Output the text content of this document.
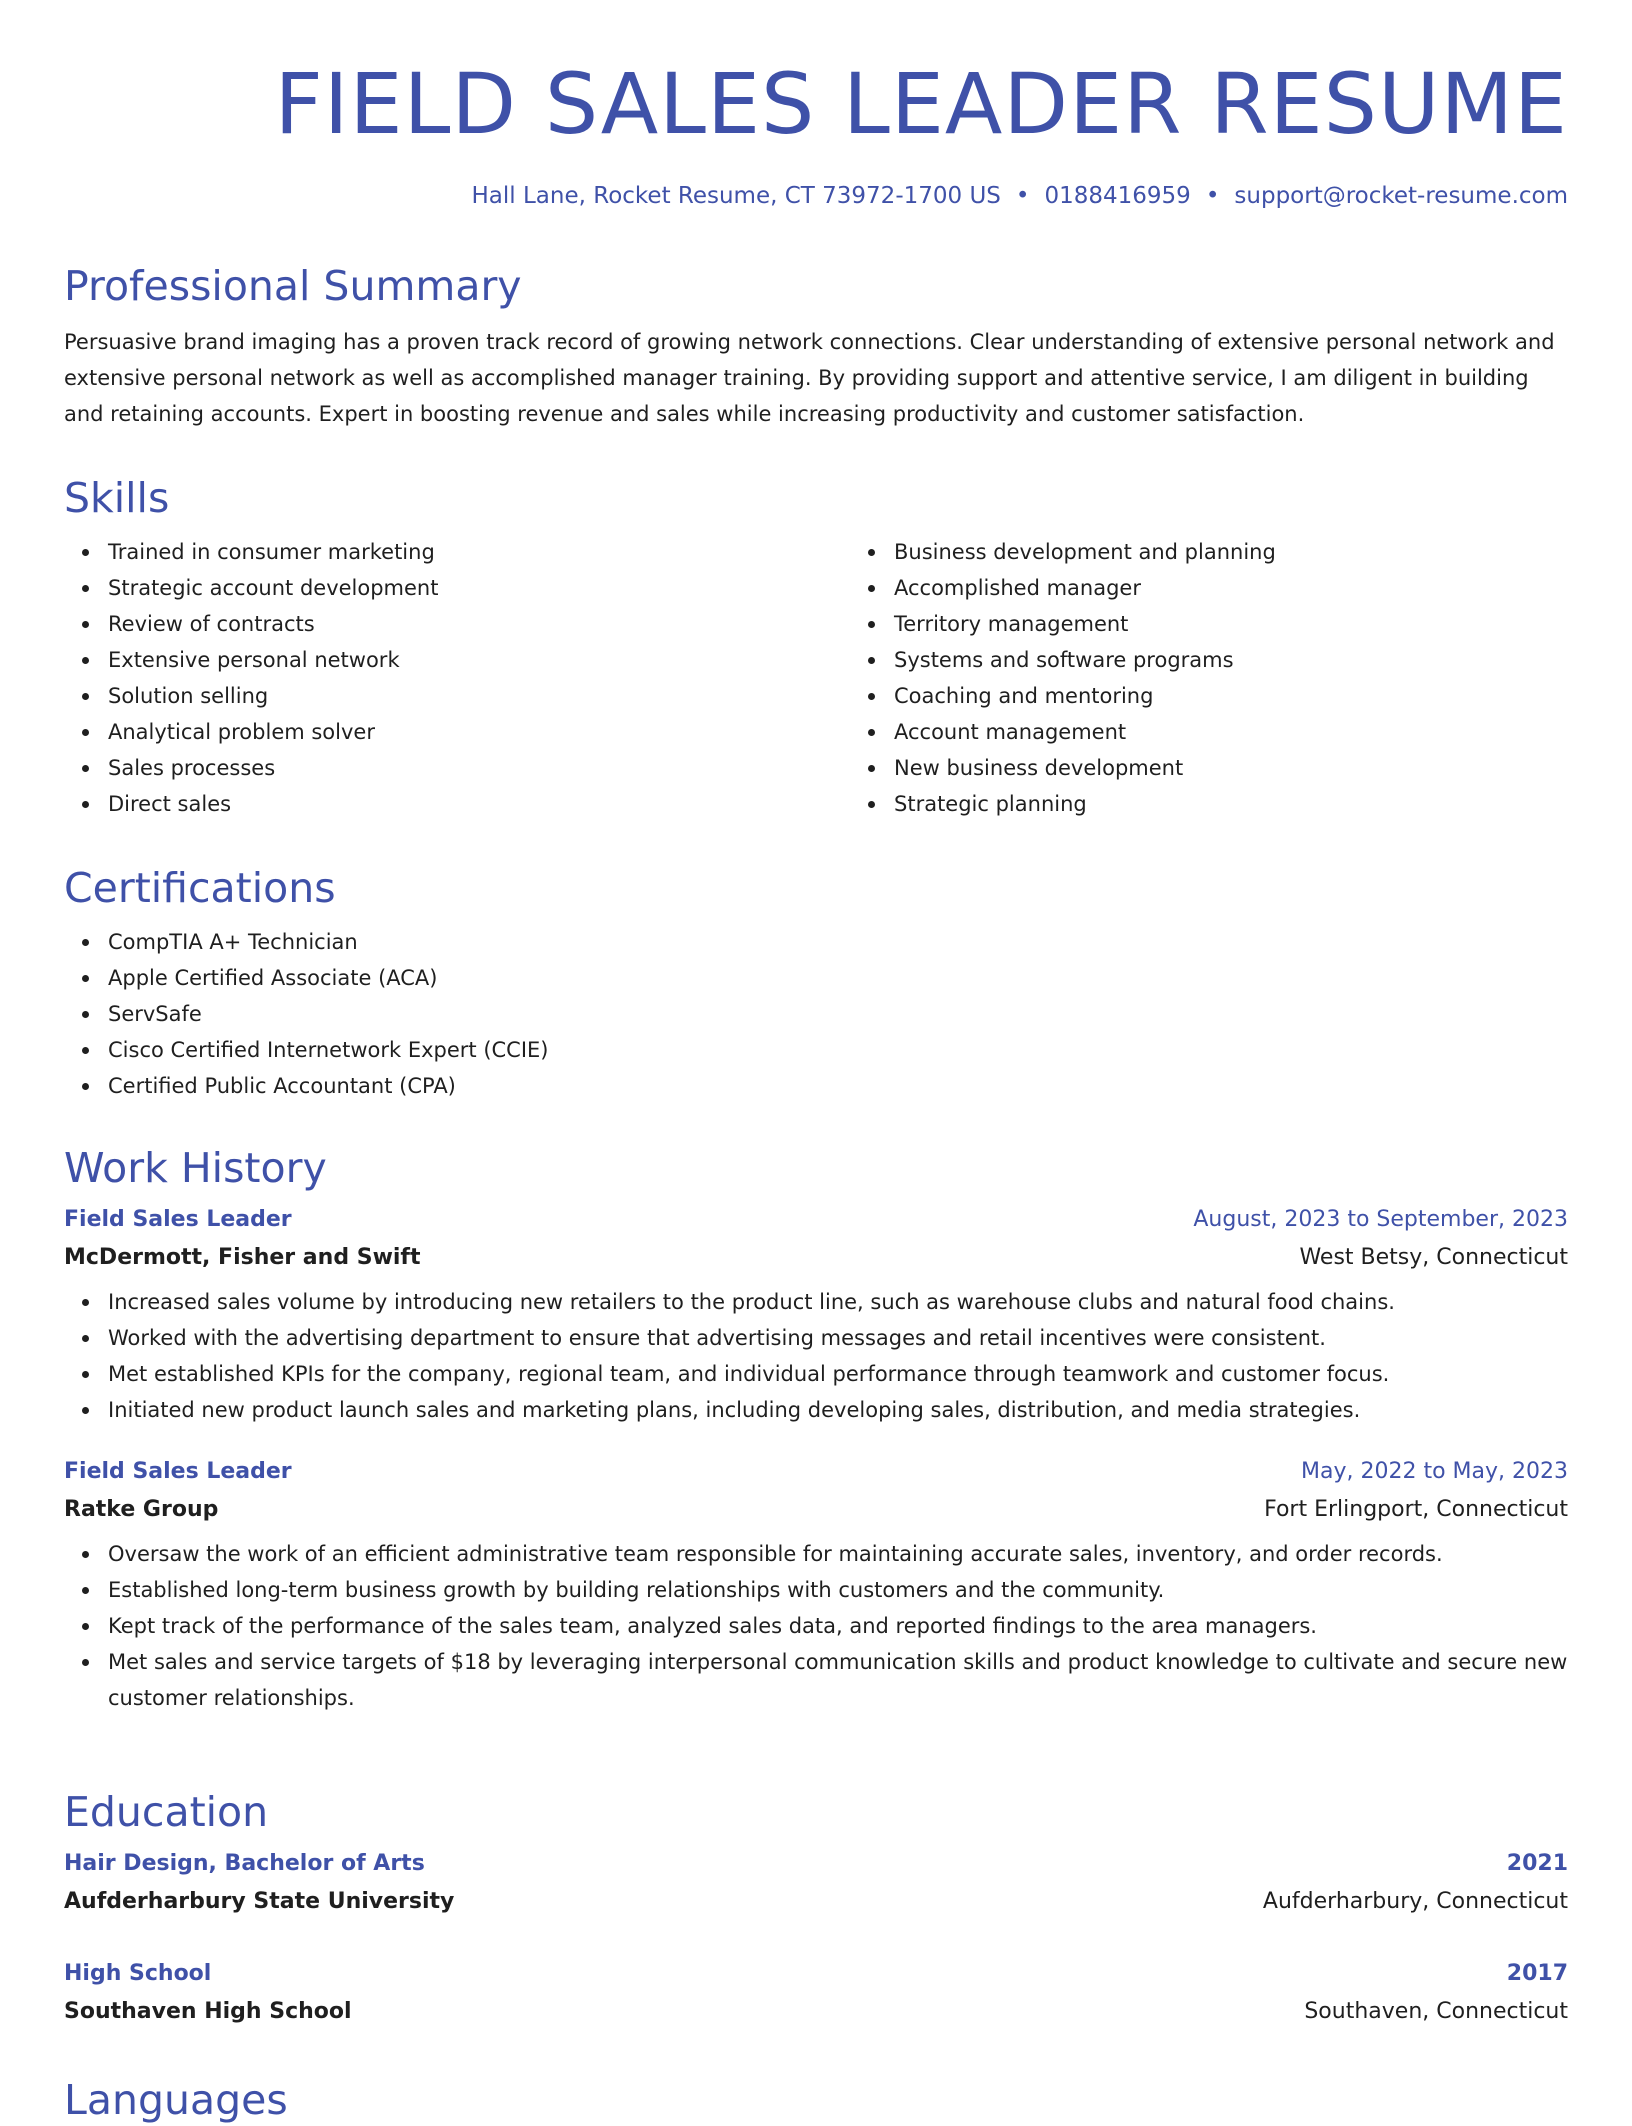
FIELD SALES LEADER RESUME
Hall Lane, Rocket Resume, CT 73972-1700 US • 0188416959 • support@rocket-resume.com
Professional Summary

Persuasive brand imaging has a proven track record of growing network connections. Clear understanding of extensive personal network and extensive personal network as well as accomplished manager training. By providing support and attentive service, I am diligent in building and retaining accounts. Expert in boosting revenue and sales while increasing productivity and customer satisfaction.

Skills
Trained in consumer marketing
Strategic account development
Review of contracts
Extensive personal network
Solution selling
Analytical problem solver
Sales processes
Direct sales
Business development and planning
Accomplished manager
Territory management
Systems and software programs
Coaching and mentoring
Account management
New business development
Strategic planning
Certifications
CompTIA A+ Technician
Apple Certified Associate (ACA)
ServSafe
Cisco Certified Internetwork Expert (CCIE)
Certified Public Accountant (CPA)
Work History
Field Sales Leader	August, 2023 to September, 2023
McDermott, Fisher and Swift	West Betsy, Connecticut
Increased sales volume by introducing new retailers to the product line, such as warehouse clubs and natural food chains.
Worked with the advertising department to ensure that advertising messages and retail incentives were consistent.
Met established KPIs for the company, regional team, and individual performance through teamwork and customer focus.
Initiated new product launch sales and marketing plans, including developing sales, distribution, and media strategies.
Field Sales Leader	May, 2022 to May, 2023
Ratke Group	Fort Erlingport, Connecticut
Oversaw the work of an efficient administrative team responsible for maintaining accurate sales, inventory, and order records.
Established long-term business growth by building relationships with customers and the community.
Kept track of the performance of the sales team, analyzed sales data, and reported findings to the area managers.
Met sales and service targets of $18 by leveraging interpersonal communication skills and product knowledge to cultivate and secure new customer relationships.
Education
Hair Design, Bachelor of Arts	2021
Aufderharbury State University	Aufderharbury, Connecticut
High School	2017
Southaven High School	Southaven, Connecticut
Languages
